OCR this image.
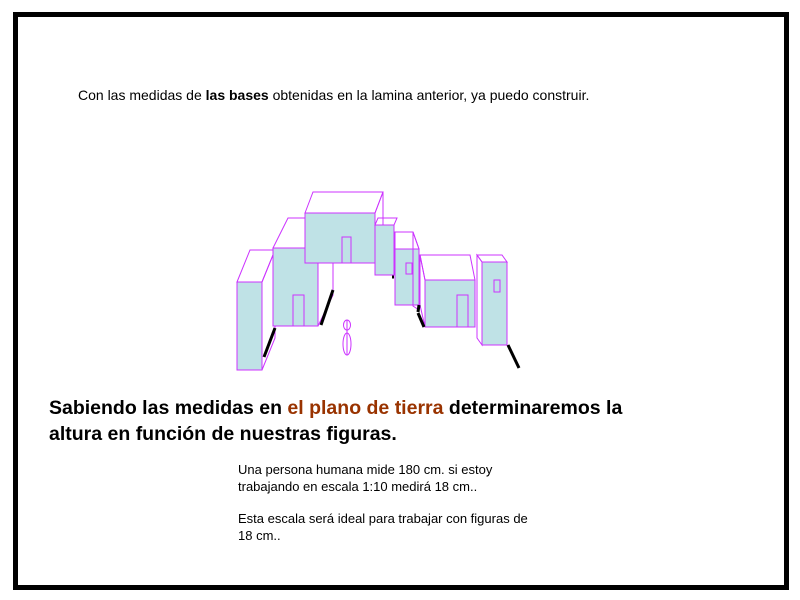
Con las medidas de las bases obtenidas en la lamina anterior, ya puedo construir.
Sabiendo las medidas en el plano de tierra determinaremos la
altura en función de nuestras figuras.
Una persona humana mide 180 cm. si estoy
trabajando en escala 1:10 medirá 18 cm..
Esta escala será ideal para trabajar con figuras de
18 cm..
